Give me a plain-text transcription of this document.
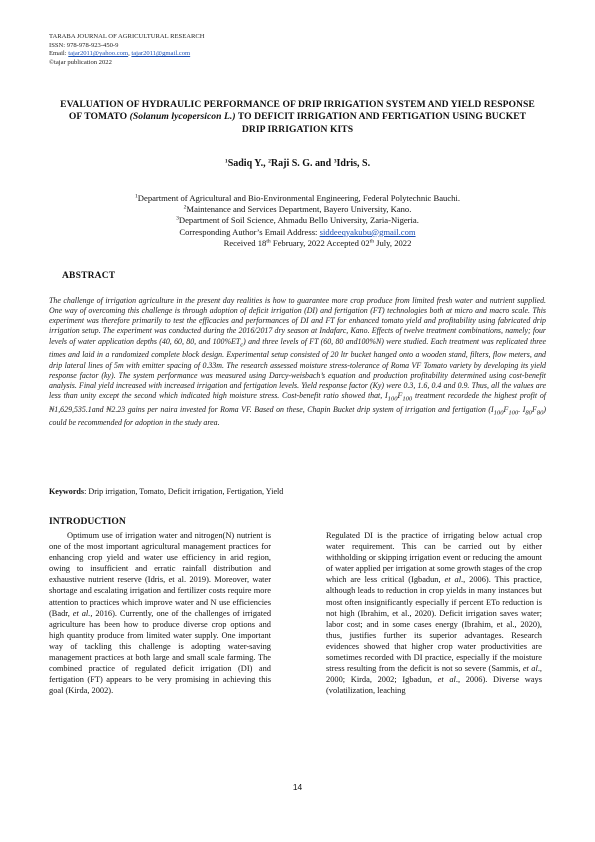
TARABA JOURNAL OF AGRICULTURAL RESEARCH
ISSN: 978-978-923-450-9
Email: tajar2011@yahoo.com, tajar2011@gmail.com
©tajar publication 2022
EVALUATION OF HYDRAULIC PERFORMANCE OF DRIP IRRIGATION SYSTEM AND YIELD RESPONSE OF TOMATO (Solanum lycopersicon L.) TO DEFICIT IRRIGATION AND FERTIGATION USING BUCKET DRIP IRRIGATION KITS
$^1$Sadiq Y., $^2$Raji S. G. and $^3$Idris, S.
$^1$Department of Agricultural and Bio-Environmental Engineering, Federal Polytechnic Bauchi.
$^2$Maintenance and Services Department, Bayero University, Kano.
$^3$Department of Soil Science, Ahmadu Bello University, Zaria-Nigeria.
Corresponding Author’s Email Address: siddeeqyakubu@gmail.com
Received 18th February, 2022 Accepted 02th July, 2022
ABSTRACT
The challenge of irrigation agriculture in the present day realities is how to guarantee more crop produce from limited fresh water and nutrient supplied. One way of overcoming this challenge is through adoption of deficit irrigation (DI) and fertigation (FT) technologies both at micro and macro scale. This experiment was therefore primarily to test the efficacies and performances of DI and FT for enhanced tomato yield and profitability using fabricated drip irrigation setup. The experiment was conducted during the 2016/2017 dry season at Indafarc, Kano. Effects of twelve treatment combinations, namely; four levels of water application depths (40, 60, 80, and $100\%ET_c$) and three levels of FT (60, 80 and100%N) were studied. Each treatment was replicated three times and laid in a randomized complete block design. Experimental setup consisted of 20 ltr bucket hanged onto a wooden stand, filters, flow meters, and drip lateral lines of 5m with emitter spacing of 0.33m. The research assessed moisture stress-tolerance of Roma VF Tomato variety by developing its yield response factor (ky). The system performance was measured using Darcy-weisbach’s equation and production profitability determined using cost-benefit analysis. Final yield increased with increased irrigation and fertigation levels. Yield response factor (Ky) were 0.3, 1.6, 0.4 and 0.9. Thus, all the values are less than unity except the second which indicated high moisture stress. Cost-benefit ratio showed that, $I_{100}F_{100}$ treatment recordede the highest profit of ₦1,629,535.1and ₦2.23 gains per naira invested for Roma VF. Based on these, Chapin Bucket drip system of irrigation and fertigation ($I_{100}F_{100}$. $I_{80}F_{80}$) could be recommended for adoption in the study area.
Keywords: Drip irrigation, Tomato, Deficit irrigation, Fertigation, Yield
INTRODUCTION
Optimum use of irrigation water and nitrogen(N) nutrient is one of the most important agricultural management practices for enhancing crop yield and water use efficiency in arid region, owing to insufficient and erratic rainfall distribution and exhaustive nutrient reserve (Idris, et al. 2019). Moreover, water shortage and escalating irrigation and fertilizer costs require more attention to practices which improve water and N use efficiencies (Badr, et al., 2016). Currently, one of the challenges of irrigated agriculture has been how to produce diverse crop options and high quantity produce from limited water supply. One important way of tackling this challenge is adopting water-saving management practices at both large and small scale farming. The combined practice of regulated deficit irrigation (DI) and fertigation (FT) appears to be very promising in achieving this goal (Kirda, 2002).
Regulated DI is the practice of irrigating below actual crop water requirement. This can be carried out by either withholding or skipping irrigation event or reducing the amount of water applied per irrigation at some growth stages of the crop which are less critical (Igbadun, et al., 2006). This practice, although leads to reduction in crop yields in many instances but most often insignificantly especially if percent ETo reduction is not high (Ibrahim, et al., 2020). Deficit irrigation saves water; labor cost; and in some cases energy (Ibrahim, et al., 2020), thus, justifies further its superior advantages. Research evidences showed that higher crop water productivities are sometimes recorded with DI practice, especially if the moisture stress resulting from the deficit is not so severe (Sammis, et al., 2000; Kirda, 2002; Igbadun, et al., 2006). Diverse ways (volatilization, leaching
14
